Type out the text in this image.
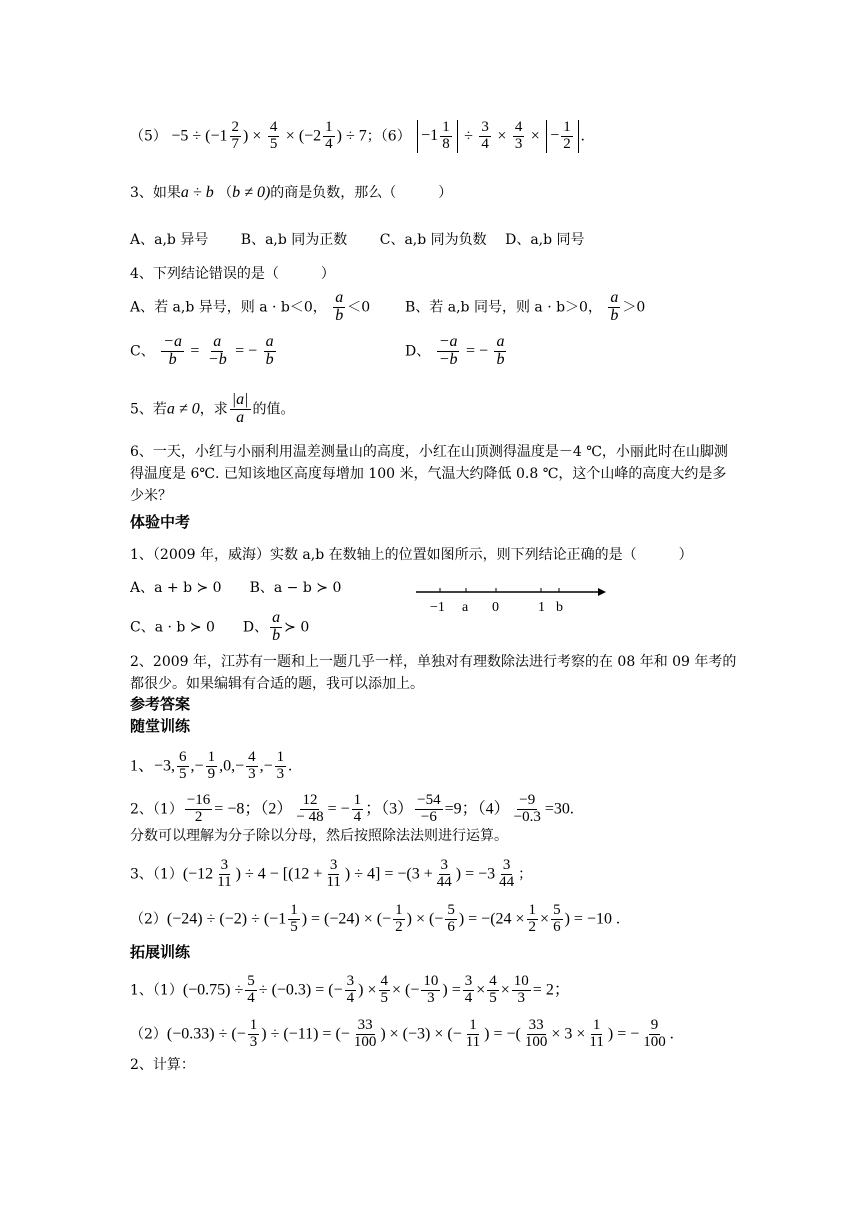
$(5) -5 \div (-1 \frac{2}{7}$ ) × $\frac{4}{5} \times (-2 \frac{1}{4}$ ) ÷ 7；$(6) -1 \frac{1}{8} \div \frac{3}{4} \times \frac{4}{3}$ × − $\frac{1}{2}$ .
3、如果a ÷ b （b ≠ 0)的商是负数，那么（　　　）
A、a,b 异号 B、a,b 同为正数 C、a,b 同为负数 D、a,b 同号
4、下列结论错误的是（　　　）
A、若 a,b 异号，则 a · b＜0， $\frac{a}{b} <0$ B、若 a,b 同号，则 a · b＞0， $\frac{a}{b} >0$
C、 $\frac{-a}{b} = \frac{a}{-b}$ = − $\frac{a}{b}$	D、 $\frac{-a}{-b}$ = − $\frac{a}{b}$
5、若a ≠ 0，求 $\frac{|a|}{a}$ 的值。
6、一天，小红与小丽利用温差测量山的高度，小红在山顶测得温度是－4 ℃，小丽此时在山脚测得温度是 6℃. 已知该地区高度每增加 100 米，气温大约降低 0.8 ℃，这个山峰的高度大约是多少米？
体验中考
1、（2009 年，威海）实数 a,b 在数轴上的位置如图所示，则下列结论正确的是（　　　）
A、a + b ≻ 0 B、a − b ≻ 0
C、a · b ≻ 0 D、 $\frac{a}{b}$ ≻ 0
−1 a 0	1 b
2、2009 年，江苏有一题和上一题几乎一样，单独对有理数除法进行考察的在 08 年和 09 年考的都很少。如果编辑有合适的题，我可以添加上。
参考答案
随堂训练
1、−3, $\frac{6}{5}$ ,− $\frac{1}{9} ,0,- \frac{4}{3}$ ,− $\frac{1}{3}$ .
2、$(1) \frac{-16}{2} = -8$；$(2) \frac{12}{- 48}$ = − $\frac{1}{4}$ ；$(3) \frac{-54}{-6} =9$；$(4) \frac{-9}{-0.3} =30$.
分数可以理解为分子除以分母，然后按照除法法则进行运算。
3、$(1)(-12 \frac{3}{11}$ ) ÷ $4 - [(12 + \frac{3}{11}$ ) ÷ $4] = -(3 + \frac{3}{44}$ ) = $-3 \frac{3}{44}$ ；
$(2)(-24) \div (-2) \div (-1 \frac{1}{5}$ ) = (−24) × (− $\frac{1}{2}$ ) × (− $\frac{5}{6}$ ) = $-(24 \times \frac{1}{2} \times \frac{5}{6}$ ) = −10 .
拓展训练
1、$(1)(-0.75) \div \frac{5}{4} \div (-0.3)$ = (− $\frac{3}{4}$ ) × $\frac{4}{5}$ × (− $\frac{10}{3}$ ) = $\frac{3}{4} \times \frac{4}{5} \times \frac{10}{3} = 2$；
（2）(−0.33) ÷ (− $\frac{1}{3}$ ) ÷ (−11) = (− $\frac{33}{100}$ ) × (−3) × (− $\frac{1}{11}$ ) = −( $\frac{33}{100} \times 3 \times \frac{1}{11}$ ) = − $\frac{9}{100}$ .
2、计算：
